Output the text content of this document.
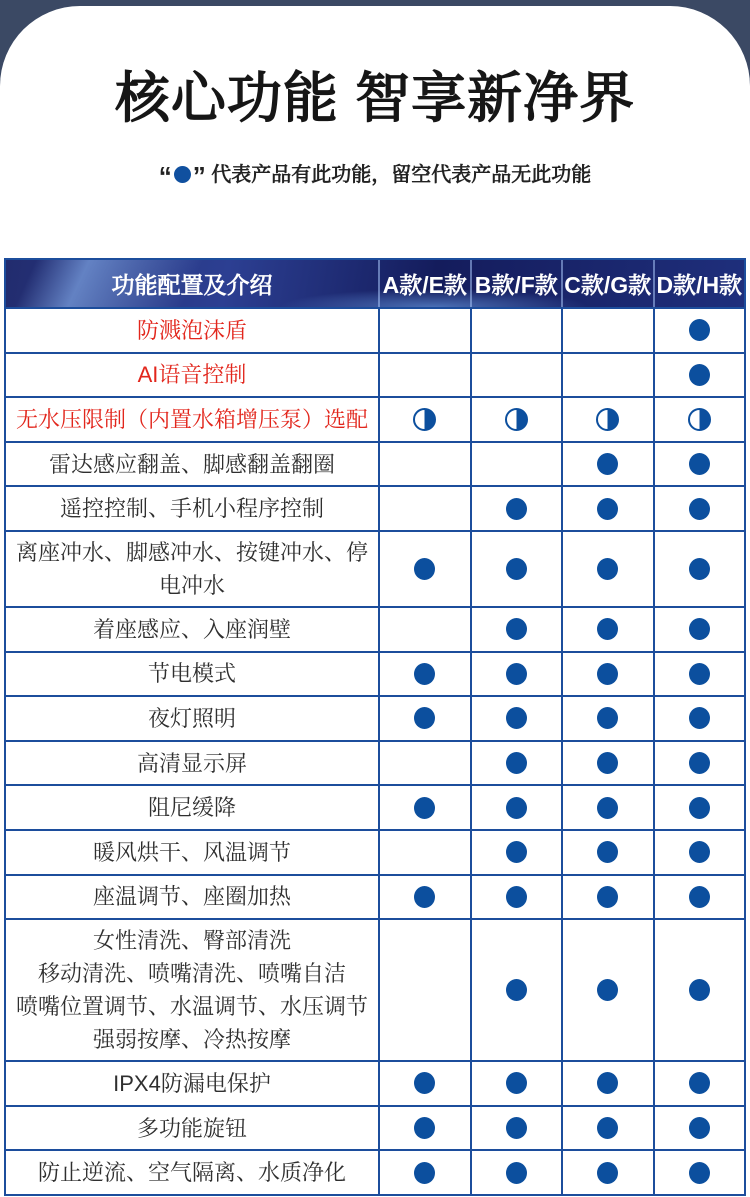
核心功能 智享新净界
“ ” 代表产品有此功能，留空代表产品无此功能
功能配置及介绍	A款/E款 B款/F款 C款/G款 D款/H款
防溅泡沫盾
AI语音控制
无水压限制（内置水箱增压泵）选配
雷达感应翻盖、脚感翻盖翻圈
遥控控制、手机小程序控制
离座冲水、脚感冲水、按键冲水、停电冲水
着座感应、入座润壁
节电模式
夜灯照明
高清显示屏
阻尼缓降
暖风烘干、风温调节
座温调节、座圈加热
女性清洗、臀部清洗
移动清洗、喷嘴清洗、喷嘴自洁
喷嘴位置调节、水温调节、水压调节
强弱按摩、冷热按摩
IPX4防漏电保护
多功能旋钮
防止逆流、空气隔离、水质净化
